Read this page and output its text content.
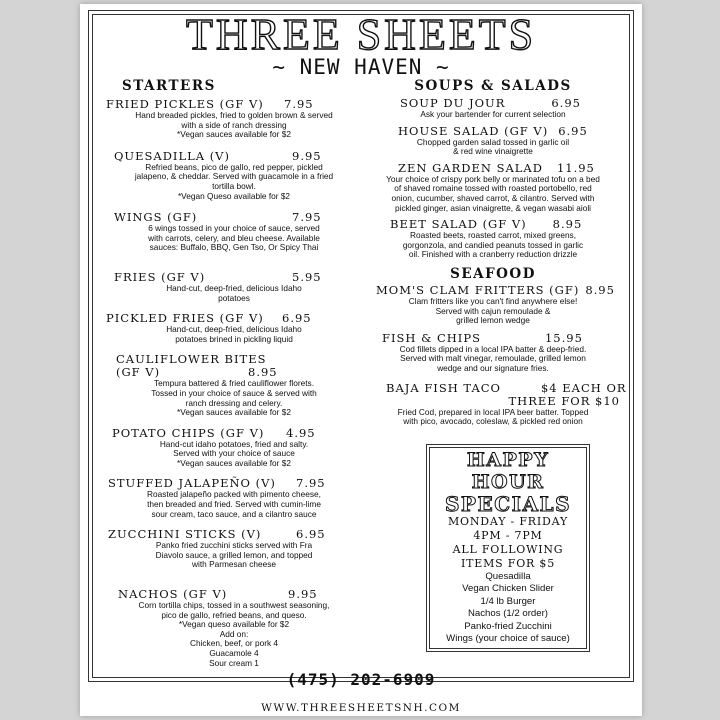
THREE SHEETS
~ NEW HAVEN ~
STARTERS
FRIED PICKLES (GF V) 7.95
Hand breaded pickles, fried to golden brown & served
with a side of ranch dressing
*Vegan sauces available for $2
QUESADILLA (V)	9.95
Refried beans, pico de gallo, red pepper, pickled
jalapeno, & cheddar. Served with guacamole in a fried
tortilla bowl.
*Vegan Queso available for $2
WINGS (GF)	7.95
6 wings tossed in your choice of sauce, served
with carrots, celery, and bleu cheese. Available
sauces: Buffalo, BBQ, Gen Tso, Or Spicy Thai
FRIES (GF V)	5.95
Hand-cut, deep-fried, delicious Idaho
potatoes
PICKLED FRIES (GF V) 6.95
Hand-cut, deep-fried, delicious Idaho
potatoes brined in pickling liquid
CAULIFLOWER BITES
(GF V)	8.95
Tempura battered & fried cauliflower florets.
Tossed in your choice of sauce & served with
ranch dressing and celery.
*Vegan sauces available for $2
POTATO CHIPS (GF V) 4.95
Hand-cut idaho potatoes, fried and salty.
Served with your choice of sauce
*Vegan sauces available for $2
STUFFED JALAPEÑO (V) 7.95
Roasted jalapeño packed with pimento cheese,
then breaded and fried. Served with cumin-lime
sour cream, taco sauce, and a cilantro sauce
ZUCCHINI STICKS (V)	6.95
Panko fried zucchini sticks served with Fra
Diavolo sauce, a grilled lemon, and topped
with Parmesan cheese
NACHOS (GF V)	9.95
Corn tortilla chips, tossed in a southwest seasoning,
pico de gallo, refried beans, and queso.
*Vegan queso available for $2
Add on:
Chicken, beef, or pork 4
Guacamole 4
Sour cream 1
SOUPS & SALADS
SOUP DU JOUR	6.95
Ask your bartender for current selection
HOUSE SALAD (GF V) 6.95
Chopped garden salad tossed in garlic oil
& red wine vinaigrette
ZEN GARDEN SALAD 11.95
Your choice of crispy pork belly or marinated tofu on a bed
of shaved romaine tossed with roasted portobello, red
onion, cucumber, shaved carrot, & cilantro. Served with
pickled ginger, asian vinaigrette, & vegan wasabi aioli
BEET SALAD (GF V) 8.95
Roasted beets, roasted carrot, mixed greens,
gorgonzola, and candied peanuts tossed in garlic
oil. Finished with a cranberry reduction drizzle
SEAFOOD
MOM'S CLAM FRITTERS (GF) 8.95
Clam fritters like you can't find anywhere else!
Served with cajun remoulade &
grilled lemon wedge
FISH & CHIPS	15.95
Cod fillets dipped in a local IPA batter & deep-fried.
Served with malt vinegar, remoulade, grilled lemon
wedge and our signature fries.
BAJA FISH TACO	$4 EACH OR
THREE FOR $10
Fried Cod, prepared in local IPA beer batter. Topped
with pico, avocado, coleslaw, & pickled red onion
HAPPY
HOUR
SPECIALS
MONDAY - FRIDAY
4PM - 7PM
ALL FOLLOWING
ITEMS FOR $5
Quesadilla
Vegan Chicken Slider
1/4 lb Burger
Nachos (1/2 order)
Panko-fried Zucchini
Wings (your choice of sauce)
(475) 202-6909
WWW.THREESHEETSNH.COM
